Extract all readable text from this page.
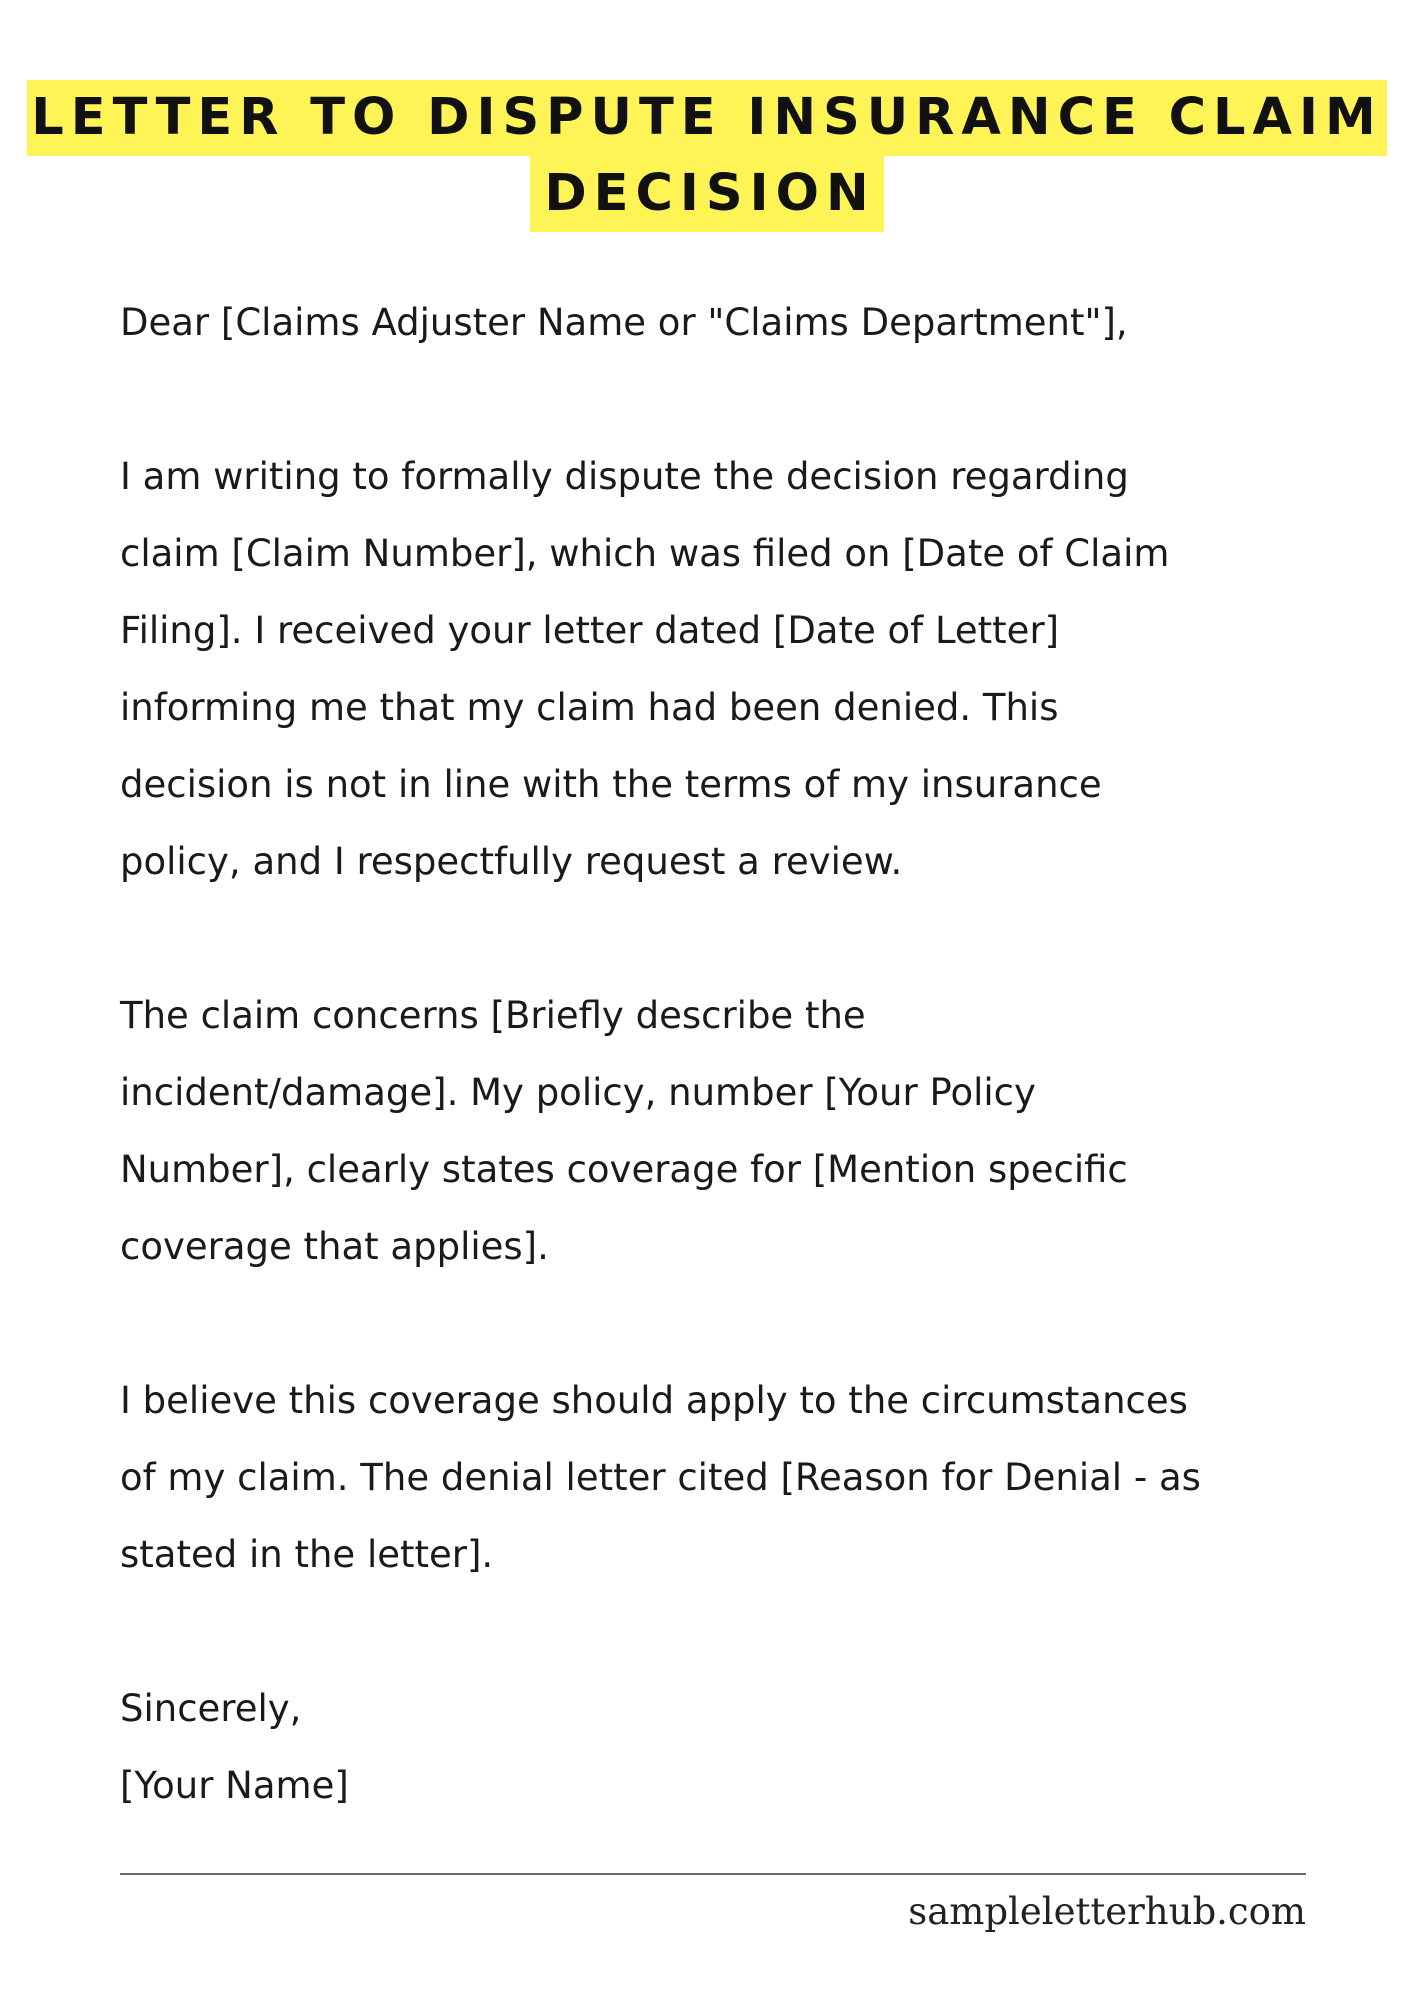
LETTER TO DISPUTE INSURANCE CLAIM
DECISION

Dear [Claims Adjuster Name or "Claims Department"],

I am writing to formally dispute the decision regarding

claim [Claim Number], which was filed on [Date of Claim

Filing]. I received your letter dated [Date of Letter]

informing me that my claim had been denied. This

decision is not in line with the terms of my insurance

policy, and I respectfully request a review.

The claim concerns [Briefly describe the

incident/damage]. My policy, number [Your Policy

Number], clearly states coverage for [Mention specific

coverage that applies].

I believe this coverage should apply to the circumstances

of my claim. The denial letter cited [Reason for Denial - as

stated in the letter].

Sincerely,

[Your Name]

sampleletterhub.com
